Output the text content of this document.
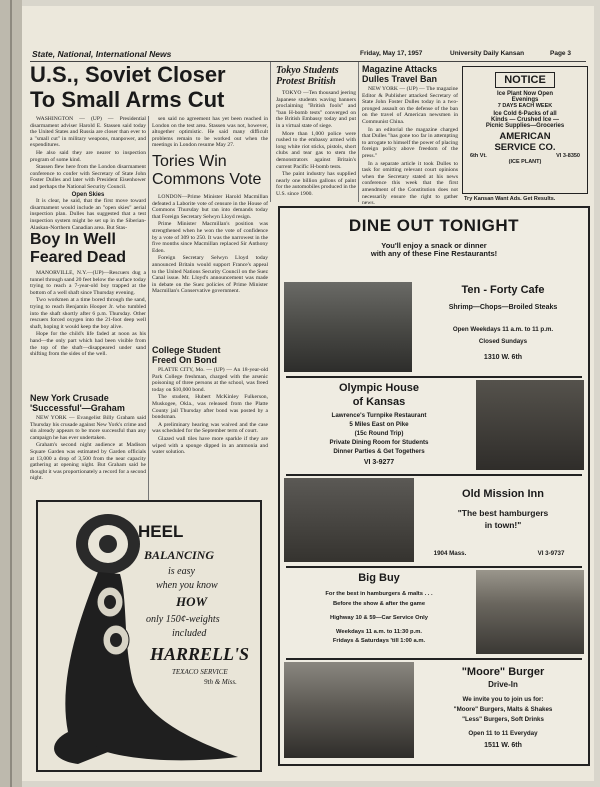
State, National, International News	Friday, May 17, 1957	University Daily Kansan	Page 3
U.S., Soviet Closer
To Small Arms Cut

WASHINGTON — (UP) — Presidential disarmament adviser Harold E. Stassen said today the United States and Russia are closer than ever to a "small cut" in military weapons, manpower, and expenditures.

He also said they are nearer to inspection program of some kind.

Stassen flew here from the London disarmament conference to confer with Secretary of State John Foster Dulles and later with President Eisenhower and perhaps the National Security Council.

Open Skies

It is clear, he said, that the first move toward disarmament would include an "open skies" aerial inspection plan. Dulles has suggested that a test inspection system might be set up in the Siberian-Alaskan-Northern Canadian area. But Stas-

sen said no agreement has yet been reached in London on the test area. Stassen was not, however, altogether optimistic. He said many difficult problems remain to be worked out when the meetings in London resume May 27.

Boy In Well
Feared Dead

MANORVILLE, N.Y.—(UP)—Rescuers dug a tunnel through sand 20 feet below the surface today trying to reach a 7-year-old boy trapped at the bottom of a well shaft since Thursday evening.

Two workmen at a time bored through the sand, trying to reach Benjamin Hooper Jr. who tumbled into the shaft shortly after 6 p.m. Thursday. Other rescuers forced oxygen into the 21-foot deep well shaft, hoping it would keep the boy alive.

Hope for the child's life faded at noon as his hand—the only part which had been visible from the top of the shaft—disappeared under sand shifting from the sides of the well.

New York Crusade
'Successful'—Graham

NEW YORK — Evangelist Billy Graham said Thursday his crusade against New York's crime and sin already appears to be more successful than any campaign he has ever undertaken.

Graham's second night audience at Madison Square Garden was estimated by Garden officials at 13,000 a drop of 3,500 from the near capacity gathering at opening night. But Graham said he thought it was proportionately a record for a second night.

Tories Win
Commons Vote

LONDON—Prime Minister Harold Macmillan defeated a Laborite vote of censure in the House of Commons Thursday but ran into demands today that Foreign Secretary Selwyn Lloyd resign.

Prime Minister Macmillan's position was strengthened when he won the vote of confidence by a vote of 309 to 250. It was the narrowest in the five months since Macmillan replaced Sir Anthony Eden.

Foreign Secretary Selwyn Lloyd today announced Britain would support France's appeal to the United Nations Security Council on the Suez Canal issue. Mr. Lloyd's announcement was made in debate on the Suez policies of Prime Minister Macmillan's Conservative government.

College Student
Freed On Bond

PLATTE CITY, Mo. — (UP) — An 18-year-old Park College freshman, charged with the arsenic poisoning of three persons at the school, was freed today on $10,000 bond.

The student, Hubert McKinley Fulkerson, Muskogee, Okla., was released from the Platte County jail Thursday after bond was posted by a bondsman.

A preliminary hearing was waived and the case was scheduled for the September term of court.

Glazed wall tiles have more sparkle if they are wiped with a sponge dipped in an ammonia and water solution.

HEEL
BALANCING
is easy
when you know
HOW
only 150¢-weights
included
HARRELL'S
TEXACO SERVICE
9th & Miss.
Tokyo Students
Protest British

TOKYO —Ten thousand jeering Japanese students waving banners proclaiming "British fools" and "ban H-bomb tests" converged on the British Embassy today and put in a virtual state of siege.

More than 1,000 police were rushed to the embassy armed with long white riot sticks, pistols, short clubs and tear gas to stem the demonstrators against Britain's current Pacific H-bomb tests.

The paint industry has supplied nearly one billion gallons of paint for the automobiles produced in the U.S. since 1900.

Magazine Attacks
Dulles Travel Ban

NEW YORK — (UP) — The magazine Editor & Publisher attacked Secretary of State John Foster Dulles today in a two-pronged assault on the defense of the ban on the travel of American newsmen in Communist China.

In an editorial the magazine charged that Dulles "has gone too far in attempting to arrogate to himself the power of placing foreign policy above freedom of the press."

In a separate article it took Dulles to task for omitting relevant court opinions when the Secretary stated at his news conference this week that the first amendment of the Constitution does not necessarily ensure the right to gather news.

NOTICE
Ice Plant Now Open
Evenings
7 DAYS EACH WEEK
Ice Cold 6-Packs of all
Kinds — Crushed Ice —
Picnic Supplies—Groceries
AMERICAN
SERVICE CO.
6th Vt.	VI 3-8350
(ICE PLANT)
Try Kansan Want Ads. Get Results.
DINE OUT TONIGHT
You'll enjoy a snack or dinner
with any of these Fine Restaurants!
Ten - Forty Cafe
Shrimp—Chops—Broiled Steaks
Open Weekdays 11 a.m. to 11 p.m.
Closed Sundays
1310 W. 6th
Olympic House
of Kansas
Lawrence's Turnpike Restaurant
5 Miles East on Pike
(15c Round Trip)
Private Dining Room for Students
Dinner Parties & Get Togethers
VI 3-9277
Old Mission Inn
"The best hamburgers
in town!"
1904 Mass.	VI 3-9737
Big Buy
For the best in hamburgers & malts . . .
Before the show & after the game
Highway 10 & 59—Car Service Only
Weekdays 11 a.m. to 11:30 p.m.
Fridays & Saturdays 'till 1:00 a.m.
"Moore" Burger
Drive-In
We invite you to join us for:
"Moore" Burgers, Malts & Shakes
"Less" Burgers, Soft Drinks
Open 11 to 11 Everyday
1511 W. 6th
